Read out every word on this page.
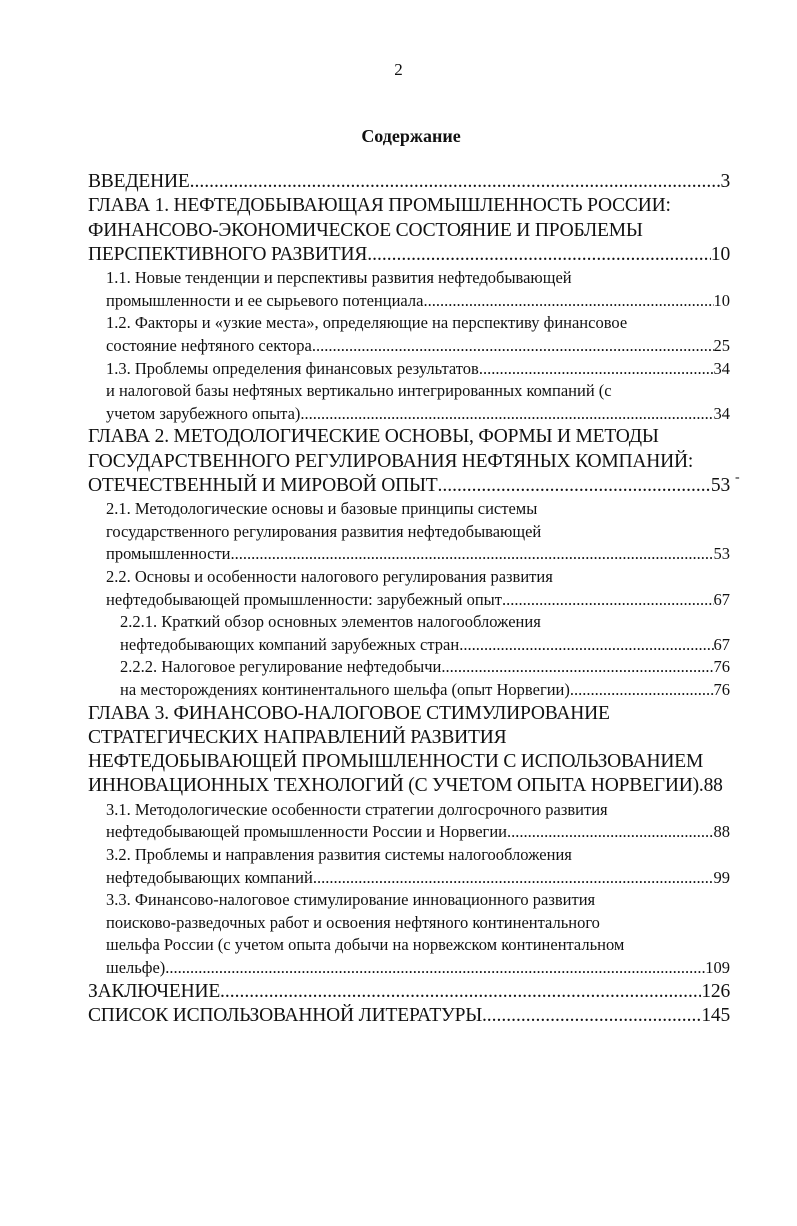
2
Содержание
ВВЕДЕНИЕ .....	3
ГЛАВА 1. НЕФТЕДОБЫВАЮЩАЯ ПРОМЫШЛЕННОСТЬ РОССИИ:
ФИНАНСОВО-ЭКОНОМИЧЕСКОЕ СОСТОЯНИЕ И ПРОБЛЕМЫ
ПЕРСПЕКТИВНОГО РАЗВИТИЯ .....	10
1.1. Новые тенденции и перспективы развития нефтедобывающей
промышленности и ее сырьевого потенциала .....	10
1.2. Факторы и «узкие места», определяющие на перспективу финансовое
состояние нефтяного сектора .....	25
1.3. Проблемы определения финансовых результатов .....	34
и налоговой базы нефтяных вертикально интегрированных компаний (с
учетом зарубежного опыта) .....	34
ГЛАВА 2. МЕТОДОЛОГИЧЕСКИЕ ОСНОВЫ, ФОРМЫ И МЕТОДЫ
ГОСУДАРСТВЕННОГО РЕГУЛИРОВАНИЯ НЕФТЯНЫХ КОМПАНИЙ:
ОТЕЧЕСТВЕННЫЙ И МИРОВОЙ ОПЫТ .....	53
2.1. Методологические основы и базовые принципы системы
государственного регулирования развития нефтедобывающей
промышленности .....	53
2.2. Основы и особенности налогового регулирования развития
нефтедобывающей промышленности: зарубежный опыт .....	67
2.2.1. Краткий обзор основных элементов налогообложения
нефтедобывающих компаний зарубежных стран .....	67
2.2.2. Налоговое регулирование нефтедобычи .....	76
на месторождениях континентального шельфа (опыт Норвегии) .....	76
ГЛАВА 3. ФИНАНСОВО-НАЛОГОВОЕ СТИМУЛИРОВАНИЕ
СТРАТЕГИЧЕСКИХ НАПРАВЛЕНИЙ РАЗВИТИЯ
НЕФТЕДОБЫВАЮЩЕЙ ПРОМЫШЛЕННОСТИ С ИСПОЛЬЗОВАНИЕМ
ИННОВАЦИОННЫХ ТЕХНОЛОГИЙ (С УЧЕТОМ ОПЫТА НОРВЕГИИ).88
3.1. Методологические особенности стратегии долгосрочного развития
нефтедобывающей промышленности России и Норвегии .....	88
3.2. Проблемы и направления развития системы налогообложения
нефтедобывающих компаний .....	99
3.3. Финансово-налоговое стимулирование инновационного развития
поисково-разведочных работ и освоения нефтяного континентального
шельфа России (с учетом опыта добычи на норвежском континентальном
шельфе) .....	109
ЗАКЛЮЧЕНИЕ .....	126
СПИСОК ИСПОЛЬЗОВАННОЙ ЛИТЕРАТУРЫ. .....	145
-
